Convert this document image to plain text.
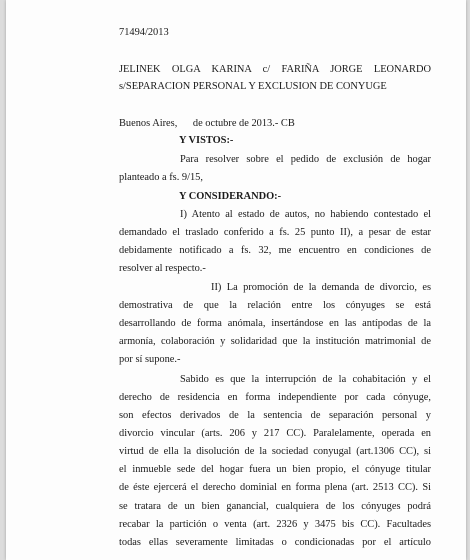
71494/2013
JELINEK OLGA KARINA c/ FARIÑA JORGE LEONARDO
s/SEPARACION PERSONAL Y EXCLUSION DE CONYUGE
Buenos Aires,      de octubre de 2013.- CB
Y VISTOS:-
Para resolver sobre el pedido de exclusión de hogar
planteado a fs. 9/15,
Y CONSIDERANDO:-
I) Atento al estado de autos, no habiendo contestado el
demandado el traslado conferido a fs. 25 punto II), a pesar de estar
debidamente notificado a fs. 32, me encuentro en condiciones de
resolver al respecto.-
II) La promoción de la demanda de divorcio, es
demostrativa de que la relación entre los cónyuges se está
desarrollando de forma anómala, insertándose en las antípodas de la
armonía, colaboración y solidaridad que la institución matrimonial de
por sí supone.-
Sabido es que la interrupción de la cohabitación y el
derecho de residencia en forma independiente por cada cónyuge,
son efectos derivados de la sentencia de separación personal y
divorcio vincular (arts. 206 y 217 CC). Paralelamente, operada en
virtud de ella la disolución de la sociedad conyugal (art.1306 CC), si
el inmueble sede del hogar fuera un bien propio, el cónyuge titular
de éste ejercerá el derecho dominial en forma plena (art. 2513 CC). Si
se tratara de un bien ganancial, cualquiera de los cónyuges podrá
recabar la partición o venta (art. 2326 y 3475 bis CC). Facultades
todas ellas severamente limitadas o condicionadas por el artículo
